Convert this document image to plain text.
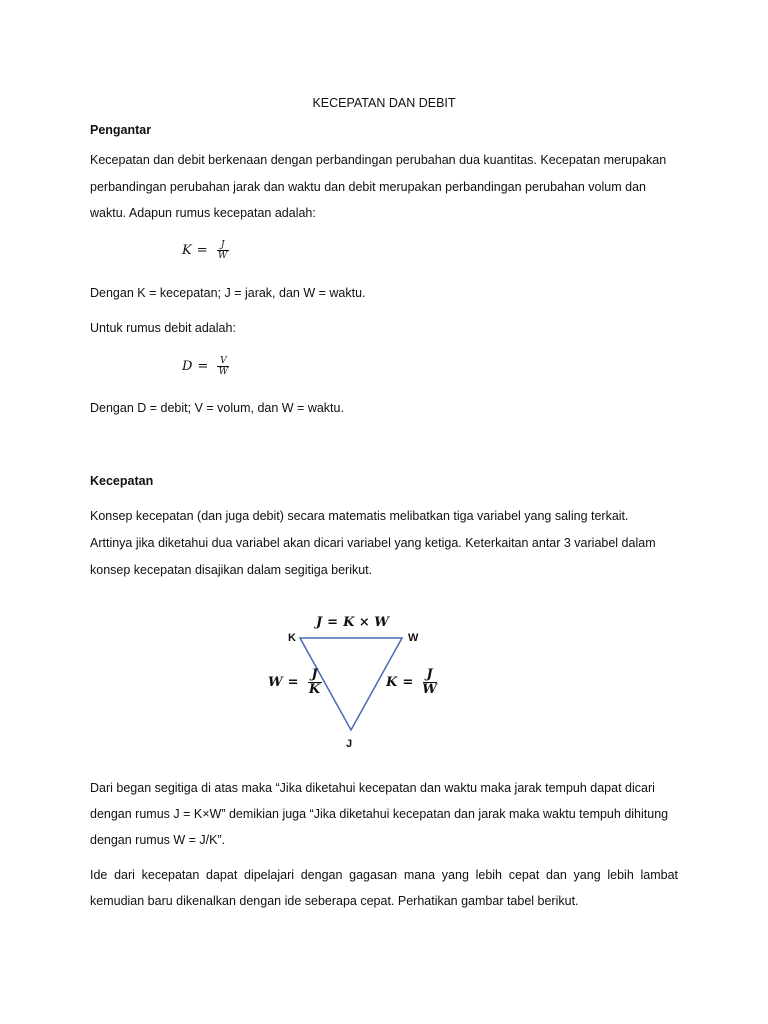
KECEPATAN DAN DEBIT

Pengantar

Kecepatan dan debit berkenaan dengan perbandingan perubahan dua kuantitas. Kecepatan merupakan

perbandingan perubahan jarak dan waktu dan debit merupakan perbandingan perubahan volum dan

waktu. Adapun rumus kecepatan adalah:

$K = \frac{J}{W}$

Dengan K = kecepatan; J = jarak, dan W = waktu.

Untuk rumus debit adalah:

$D = \frac{V}{W}$

Dengan D = debit; V = volum, dan W = waktu.

Kecepatan

Konsep kecepatan (dan juga debit) secara matematis melibatkan tiga variabel yang saling terkait.

Arttinya jika diketahui dua variabel akan dicari variabel yang ketiga. Keterkaitan antar 3 variabel dalam

konsep kecepatan disajikan dalam segitiga berikut.

K	W
J
J = K × W
W =
J
K	K =
J
W

Dari began segitiga di atas maka “Jika diketahui kecepatan dan waktu maka jarak tempuh dapat dicari

dengan rumus J = K×W” demikian juga “Jika diketahui kecepatan dan jarak maka waktu tempuh dihitung

dengan rumus W = J/K”.

Ide dari kecepatan dapat dipelajari dengan gagasan mana yang lebih cepat dan yang lebih lambat

kemudian baru dikenalkan dengan ide seberapa cepat. Perhatikan gambar tabel berikut.
